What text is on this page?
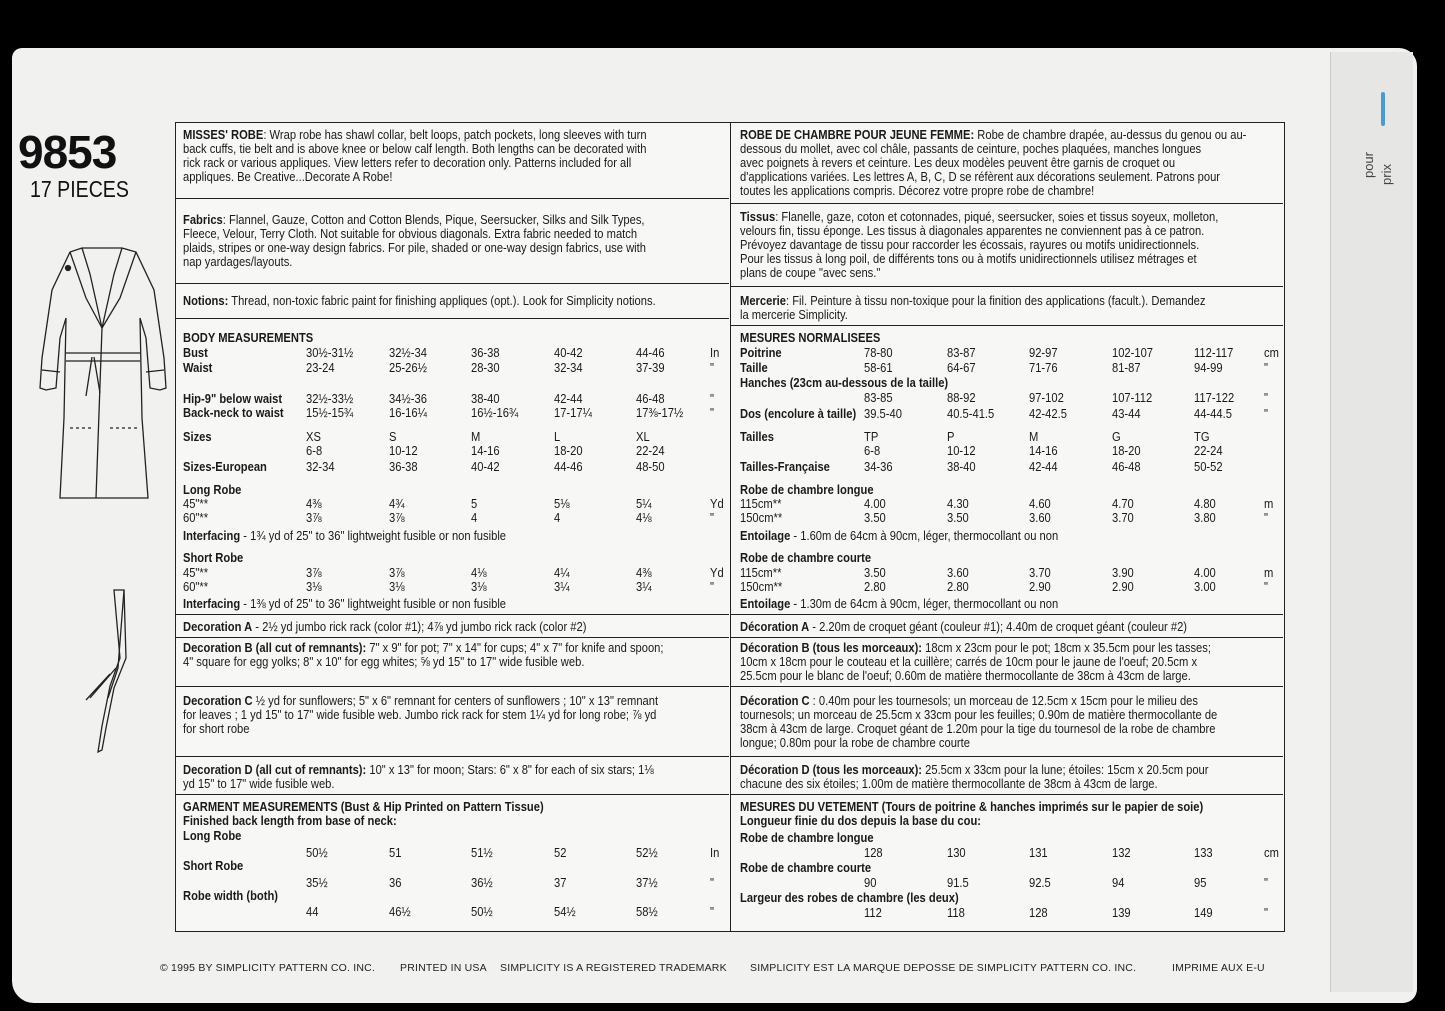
pour prix
9853
17 PIECES
MISSES' ROBE: Wrap robe has shawl collar, belt loops, patch pockets, long sleeves with turn
back cuffs, tie belt and is above knee or below calf length. Both lengths can be decorated with
rick rack or various appliques. View letters refer to decoration only. Patterns included for all
appliques. Be Creative...Decorate A Robe!
Fabrics: Flannel, Gauze, Cotton and Cotton Blends, Pique, Seersucker, Silks and Silk Types,
Fleece, Velour, Terry Cloth. Not suitable for obvious diagonals. Extra fabric needed to match
plaids, stripes or one-way design fabrics. For pile, shaded or one-way design fabrics, use with
nap yardages/layouts.
Notions: Thread, non-toxic fabric paint for finishing appliques (opt.). Look for Simplicity notions.
BODY MEASUREMENTS
Bust	30½-31½	32½-34	36-38	40-42	44-46	In
Waist	23-24	25-26½	28-30	32-34	37-39	"
Hip-9" below waist 32½-33½	34½-36	38-40	42-44	46-48	"
Back-neck to waist 15½-15¾	16-16¼	16½-16¾	17-17¼	17⅜-17½ "
Sizes	XS	S	M	L	XL
6-8	10-12	14-16	18-20	22-24
Sizes-European	32-34	36-38	40-42	44-46	48-50
Long Robe
45"**	4⅜	4¾	5	5⅛	5¼	Yd
60"**	3⅞	3⅞	4	4	4⅛	"
Short Robe
45"**	3⅞	3⅞	4⅛	4¼	4⅜	Yd
60"**	3⅛	3⅛	3⅛	3¼	3¼	"
Interfacing - 1¾ yd of 25" to 36" lightweight fusible or non fusible
Interfacing - 1⅜ yd of 25" to 36" lightweight fusible or non fusible
Decoration A - 2½ yd jumbo rick rack (color #1); 4⅞ yd jumbo rick rack (color #2)
Decoration B (all cut of remnants): 7" x 9" for pot; 7" x 14" for cups; 4" x 7" for knife and spoon;
4" square for egg yolks; 8" x 10" for egg whites; ⅝ yd 15" to 17" wide fusible web.
Decoration C ½ yd for sunflowers; 5" x 6" remnant for centers of sunflowers ; 10" x 13" remnant
for leaves ; 1 yd 15" to 17" wide fusible web. Jumbo rick rack for stem 1¼ yd for long robe; ⅞ yd
for short robe
Decoration D (all cut of remnants): 10" x 13" for moon; Stars: 6" x 8" for each of six stars; 1⅛
yd 15" to 17" wide fusible web.
GARMENT MEASUREMENTS (Bust & Hip Printed on Pattern Tissue)
Finished back length from base of neck:
Long Robe
50½	51	51½	52	52½	In
Short Robe
35½	36	36½	37	37½	"
Robe width (both)
44	46½	50½	54½	58½	"
ROBE DE CHAMBRE POUR JEUNE FEMME: Robe de chambre drapée, au-dessus du genou ou au-
dessous du mollet, avec col châle, passants de ceinture, poches plaquées, manches longues
avec poignets à revers et ceinture. Les deux modèles peuvent être garnis de croquet ou
d'applications variées. Les lettres A, B, C, D se réfèrent aux décorations seulement. Patrons pour
toutes les applications compris. Décorez votre propre robe de chambre!
Tissus: Flanelle, gaze, coton et cotonnades, piqué, seersucker, soies et tissus soyeux, molleton,
velours fin, tissu éponge. Les tissus à diagonales apparentes ne conviennent pas à ce patron.
Prévoyez davantage de tissu pour raccorder les écossais, rayures ou motifs unidirectionnels.
Pour les tissus à long poil, de différents tons ou à motifs unidirectionnels utilisez métrages et
plans de coupe "avec sens."
Mercerie: Fil. Peinture à tissu non-toxique pour la finition des applications (facult.). Demandez
la mercerie Simplicity.
MESURES NORMALISEES
Poitrine	78-80	83-87	92-97	102-107	112-117 cm
Taille	58-61	64-67	71-76	81-87	94-99	"
Hanches (23cm au-dessous de la taille)
83-85	88-92	97-102	107-112	117-122 "
Dos (encolure à taille) 39.5-40	40.5-41.5	42-42.5	43-44	44-44.5 "
Tailles	TP	P	M	G	TG
6-8	10-12	14-16	18-20	22-24
Tailles-Française	34-36	38-40	42-44	46-48	50-52
Robe de chambre longue
115cm**	4.00	4.30	4.60	4.70	4.80	m
150cm**	3.50	3.50	3.60	3.70	3.80	"
Robe de chambre courte
115cm**	3.50	3.60	3.70	3.90	4.00	m
150cm**	2.80	2.80	2.90	2.90	3.00	"
Entoilage - 1.60m de 64cm à 90cm, léger, thermocollant ou non
Entoilage - 1.30m de 64cm à 90cm, léger, thermocollant ou non
Décoration A - 2.20m de croquet géant (couleur #1); 4.40m de croquet géant (couleur #2)
Décoration B (tous les morceaux): 18cm x 23cm pour le pot; 18cm x 35.5cm pour les tasses;
10cm x 18cm pour le couteau et la cuillère; carrés de 10cm pour le jaune de l'oeuf; 20.5cm x
25.5cm pour le blanc de l'oeuf; 0.60m de matière thermocollante de 38cm à 43cm de large.
Décoration C : 0.40m pour les tournesols; un morceau de 12.5cm x 15cm pour le milieu des
tournesols; un morceau de 25.5cm x 33cm pour les feuilles; 0.90m de matière thermocollante de
38cm à 43cm de large. Croquet géant de 1.20m pour la tige du tournesol de la robe de chambre
longue; 0.80m pour la robe de chambre courte
Décoration D (tous les morceaux): 25.5cm x 33cm pour la lune; étoiles: 15cm x 20.5cm pour
chacune des six étoiles; 1.00m de matière thermocollante de 38cm à 43cm de large.
MESURES DU VETEMENT (Tours de poitrine & hanches imprimés sur le papier de soie)
Longueur finie du dos depuis la base du cou:
Robe de chambre longue
128	130	131	132	133	cm
Robe de chambre courte
90	91.5	92.5	94	95	"
Largeur des robes de chambre (les deux)
112	118	128	139	149	"
© 1995 BY SIMPLICITY PATTERN CO. INC. PRINTED IN USA SIMPLICITY IS A REGISTERED TRADEMARK SIMPLICITY EST LA MARQUE DEPOSSE DE SIMPLICITY PATTERN CO. INC.	IMPRIME AUX E-U
